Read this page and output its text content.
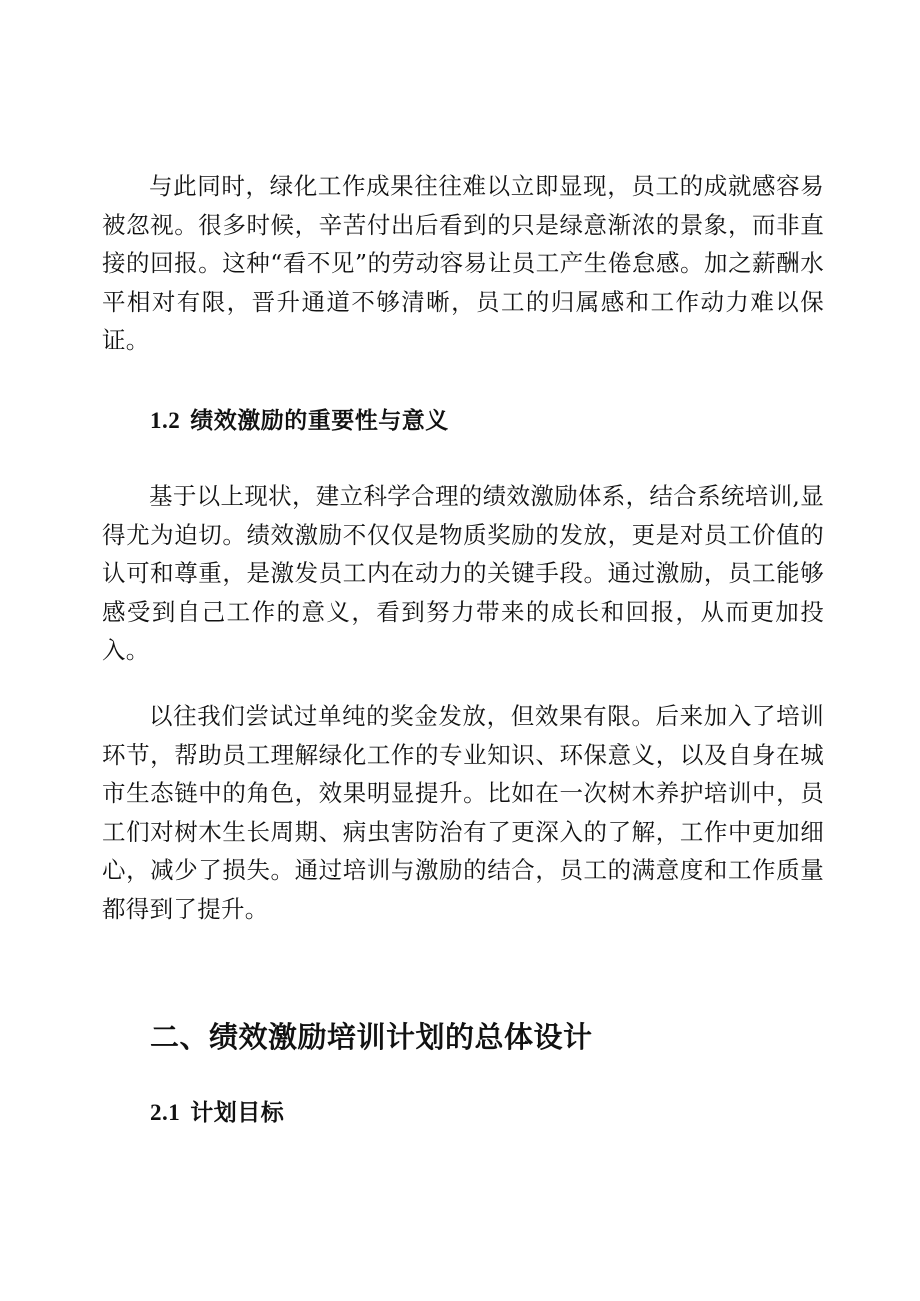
与此同时，绿化工作成果往往难以立即显现，员工的成就感容易被忽视。很多时候，辛苦付出后看到的只是绿意渐浓的景象，而非直接的回报。这种“看不见”的劳动容易让员工产生倦怠感。加之薪酬水平相对有限，晋升通道不够清晰，员工的归属感和工作动力难以保证。

1.2 绩效激励的重要性与意义

基于以上现状，建立科学合理的绩效激励体系，结合系统培训,显得尤为迫切。绩效激励不仅仅是物质奖励的发放，更是对员工价值的认可和尊重，是激发员工内在动力的关键手段。通过激励，员工能够感受到自己工作的意义，看到努力带来的成长和回报，从而更加投入。

以往我们尝试过单纯的奖金发放，但效果有限。后来加入了培训环节，帮助员工理解绿化工作的专业知识、环保意义，以及自身在城市生态链中的角色，效果明显提升。比如在一次树木养护培训中，员工们对树木生长周期、病虫害防治有了更深入的了解，工作中更加细心，减少了损失。通过培训与激励的结合，员工的满意度和工作质量都得到了提升。

二、绩效激励培训计划的总体设计
2.1 计划目标
